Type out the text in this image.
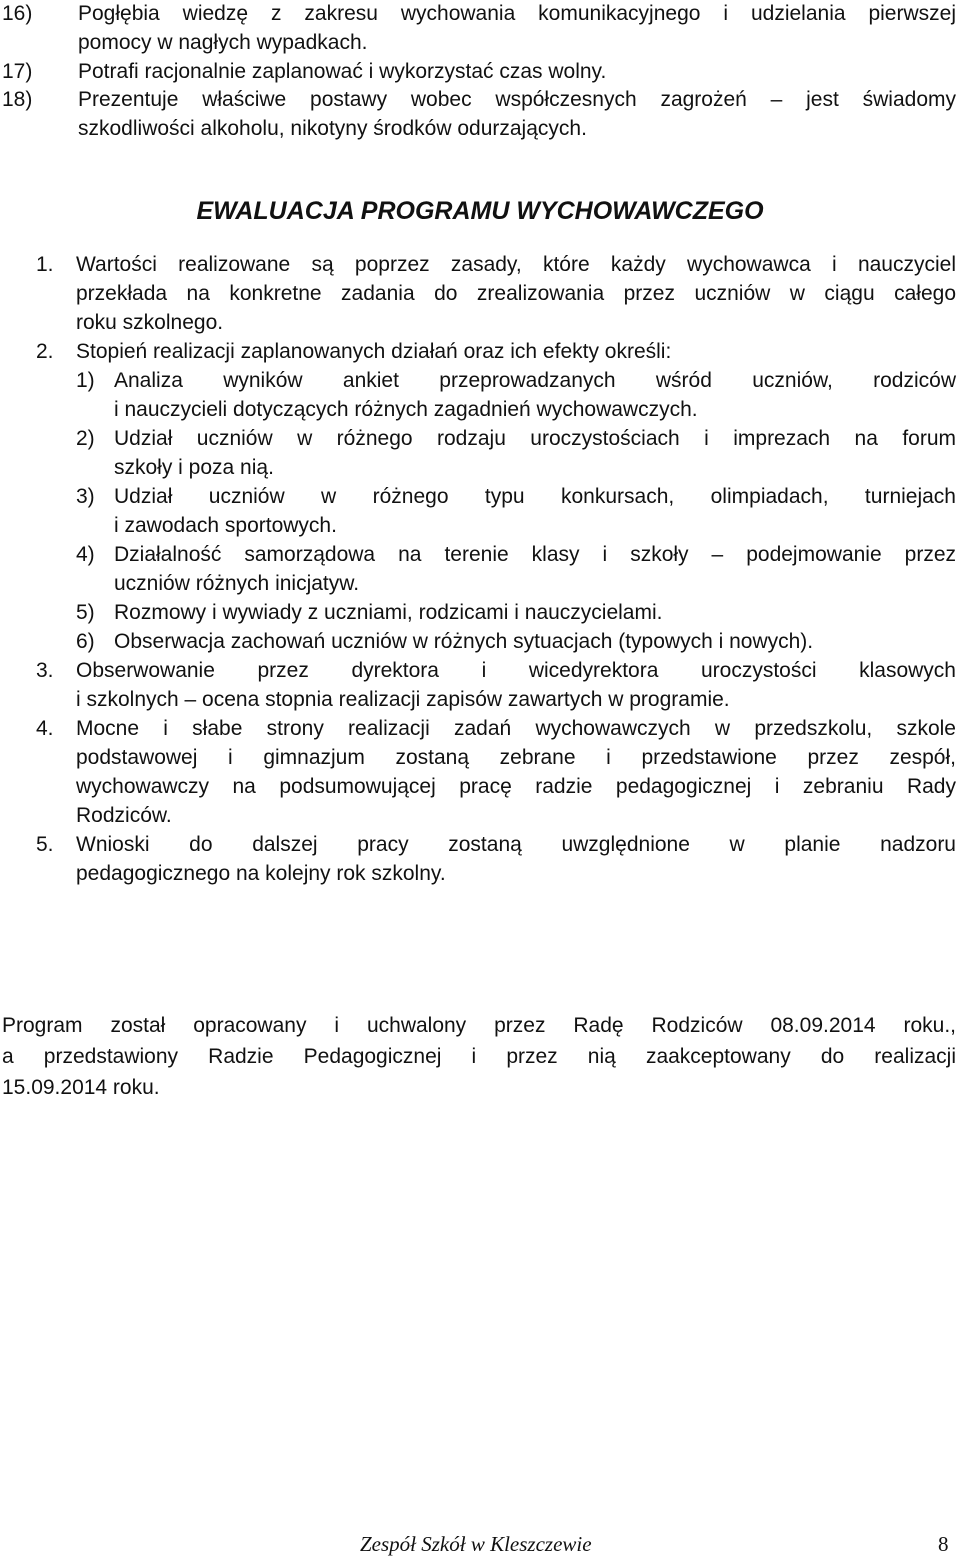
16) Pogłębia wiedzę z zakresu wychowania komunikacyjnego i udzielania pierwszej
pomocy w nagłych wypadkach.
17) Potrafi racjonalnie zaplanować i wykorzystać czas wolny.
18) Prezentuje właściwe postawy wobec współczesnych zagrożeń – jest świadomy
szkodliwości alkoholu, nikotyny środków odurzających.
EWALUACJA PROGRAMU WYCHOWAWCZEGO
1. Wartości realizowane są poprzez zasady, które każdy wychowawca i nauczyciel
przekłada na konkretne zadania do zrealizowania przez uczniów w ciągu całego
roku szkolnego.
2. Stopień realizacji zaplanowanych działań oraz ich efekty określi:
1) Analiza wyników ankiet przeprowadzanych wśród uczniów, rodziców
i nauczycieli dotyczących różnych zagadnień wychowawczych.
2) Udział uczniów w różnego rodzaju uroczystościach i imprezach na forum
szkoły i poza nią.
3) Udział uczniów w różnego typu konkursach, olimpiadach, turniejach
i zawodach sportowych.
4) Działalność samorządowa na terenie klasy i szkoły – podejmowanie przez
uczniów różnych inicjatyw.
5) Rozmowy i wywiady z uczniami, rodzicami i nauczycielami.
6) Obserwacja zachowań uczniów w różnych sytuacjach (typowych i nowych).
3. Obserwowanie przez dyrektora i wicedyrektora uroczystości klasowych
i szkolnych – ocena stopnia realizacji zapisów zawartych w programie.
4. Mocne i słabe strony realizacji zadań wychowawczych w przedszkolu, szkole
podstawowej i gimnazjum zostaną zebrane i przedstawione przez zespół,
wychowawczy na podsumowującej pracę radzie pedagogicznej i zebraniu Rady
Rodziców.
5. Wnioski do dalszej pracy zostaną uwzględnione w planie nadzoru
pedagogicznego na kolejny rok szkolny.
Program został opracowany i uchwalony przez Radę Rodziców 08.09.2014 roku.,
a przedstawiony Radzie Pedagogicznej i przez nią zaakceptowany do realizacji
15.09.2014 roku.
Zespół Szkół w Kleszczewie	8
